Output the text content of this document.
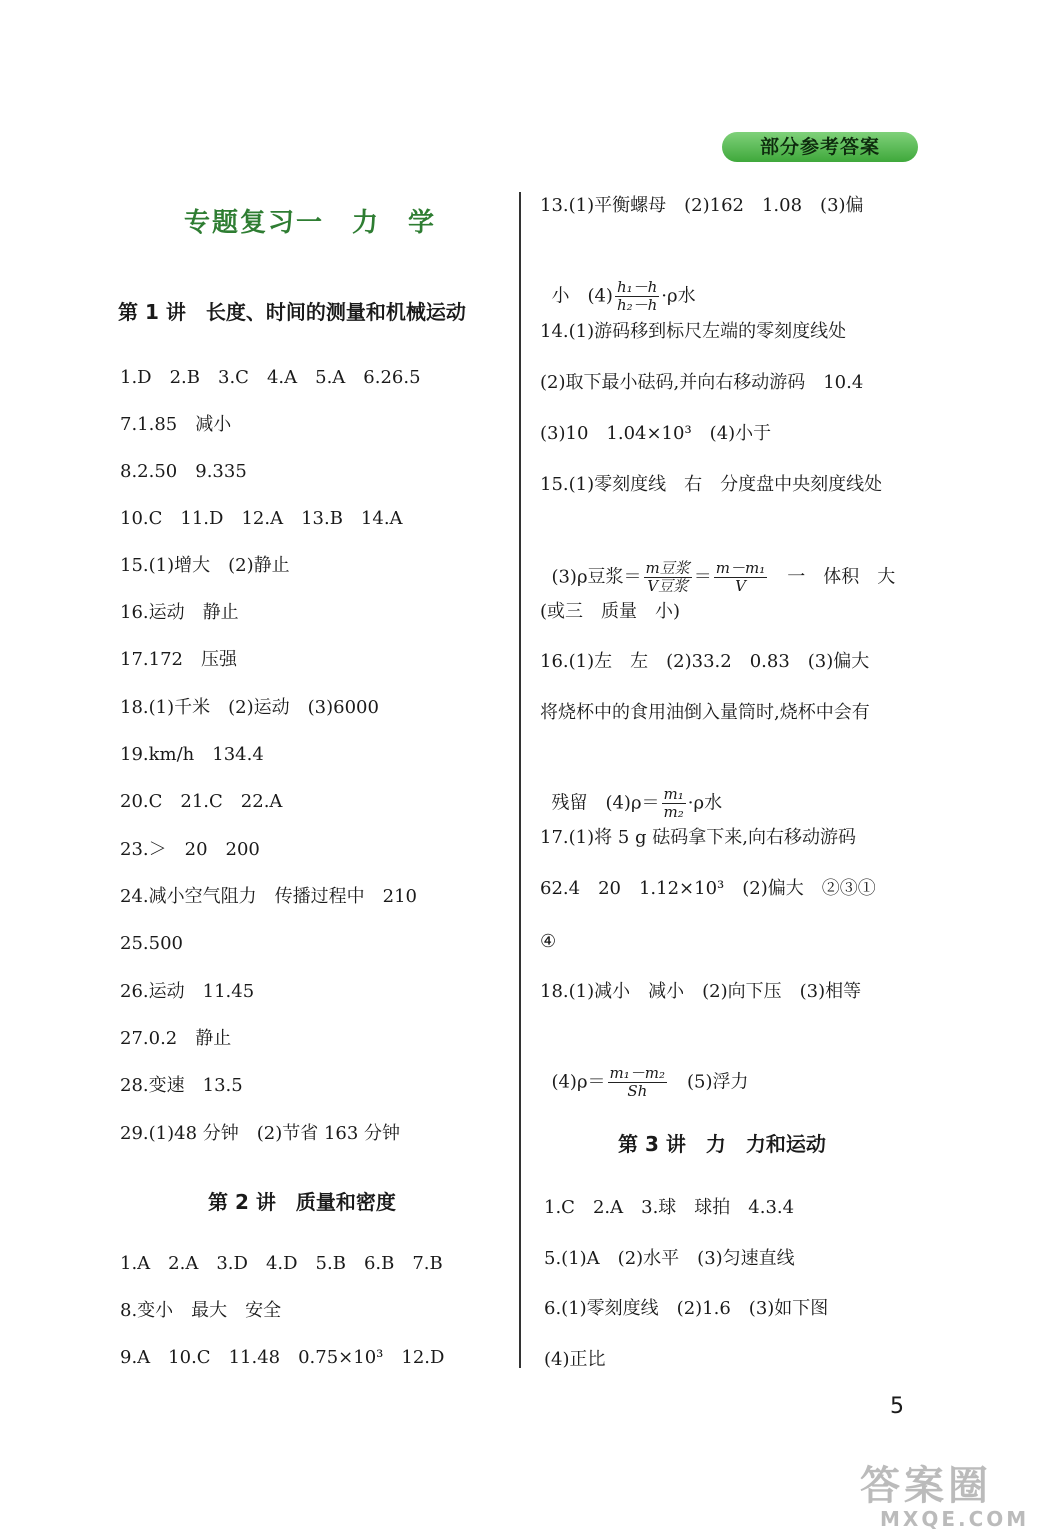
部分参考答案
专题复习一　力　学
第 1 讲　长度、时间的测量和机械运动
1.D　2.B　3.C　4.A　5.A　6.26.5
7.1.85　减小
8.2.50　9.335
10.C　11.D　12.A　13.B　14.A
15.(1)增大　(2)静止
16.运动　静止
17.172　压强
18.(1)千米　(2)运动　(3)6000
19.km/h　134.4
20.C　21.C　22.A
23.＞　20　200
24.减小空气阻力　传播过程中　210
25.500
26.运动　11.45
27.0.2　静止
28.变速　13.5
29.(1)48 分钟　(2)节省 163 分钟
第 2 讲　质量和密度
1.A　2.A　3.D　4.D　5.B　6.B　7.B
8.变小　最大　安全
9.A　10.C　11.48　0.75×10³　12.D
13.(1)平衡螺母　(2)162　1.08　(3)偏

小　$(4) \frac{\text{h₁－h}}{\text{h₂－h}} \cdot\rho$水

14.(1)游码移到标尺左端的零刻度线处
(2)取下最小砝码,并向右移动游码　10.4
(3)10　1.04×10³　(4)小于
15.(1)零刻度线　右　分度盘中央刻度线处

(3)ρ豆浆＝ $\frac{\text{m豆浆}}{\text{V豆浆}} = \frac{\text{m－m₁}}{V}$ 　一　体积　大

(或三　质量　小)
16.(1)左　左　(2)33.2　0.83　(3)偏大
将烧杯中的食用油倒入量筒时,烧杯中会有

残留　$(4)\rho= \frac{\text{m₁}}{\text{m₂}} \cdot\rho$水

17.(1)将 5 g 砝码拿下来,向右移动游码
62.4　20　1.12×10³　(2)偏大　②③①
④
18.(1)减小　减小　(2)向下压　(3)相等

$(4)\rho= \frac{\text{m₁－m₂}}{Sh}$ 　(5)浮力

第 3 讲　力　力和运动
1.C　2.A　3.球　球拍　4.3.4
5.(1)A　(2)水平　(3)匀速直线
6.(1)零刻度线　(2)1.6　(3)如下图
(4)正比
5
答案圈
MXQE.COM
